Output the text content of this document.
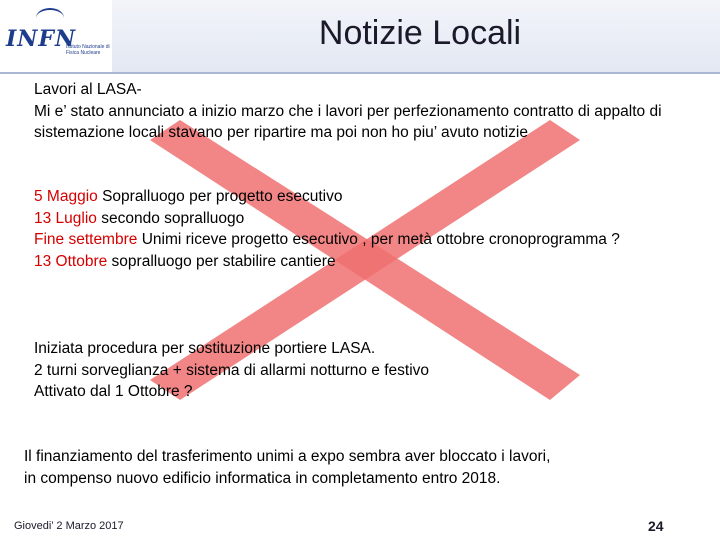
INFN
Istituto Nazionale di Fisica Nucleare
Notizie Locali
Lavori al LASA-
Mi e’ stato annunciato a inizio marzo che i lavori per perfezionamento contratto di appalto di sistemazione locali stavano per ripartire ma poi non ho piu’ avuto notizie
5 Maggio Sopralluogo per progetto esecutivo
13 Luglio secondo sopralluogo
Fine settembre Unimi riceve progetto esecutivo , per metà ottobre cronoprogramma ?
13 Ottobre sopralluogo per stabilire cantiere
Iniziata procedura per sostituzione portiere LASA.
2 turni sorveglianza + sistema di allarmi notturno e festivo
Attivato dal 1 Ottobre ?
Il finanziamento del trasferimento unimi a expo sembra aver bloccato i lavori,
in compenso nuovo edificio informatica in completamento entro 2018.
Giovedi’ 2 Marzo 2017	24
